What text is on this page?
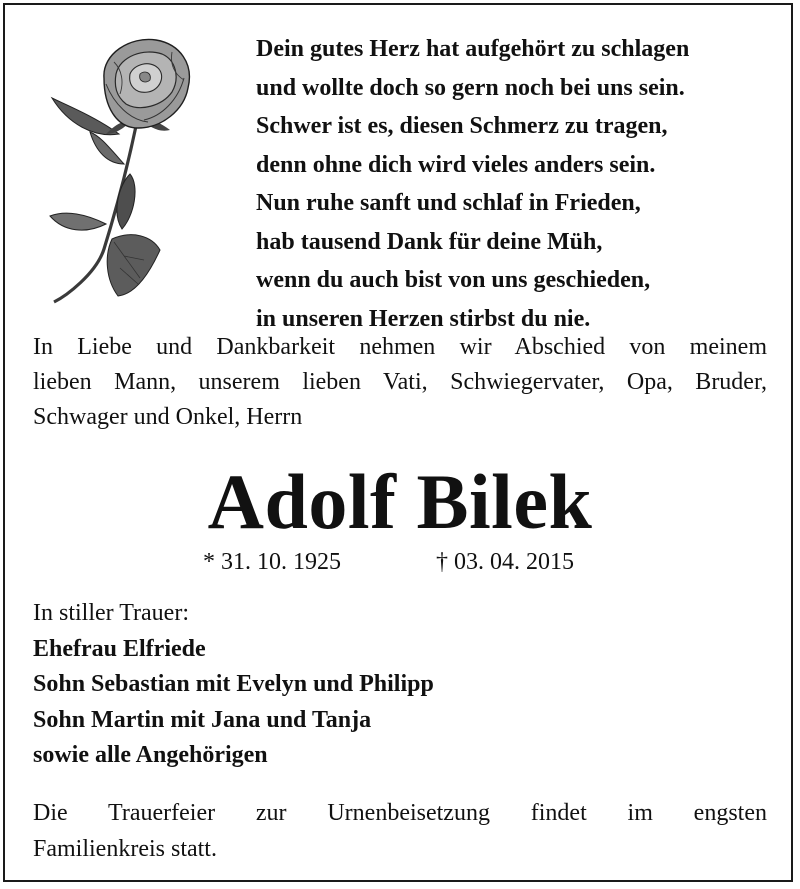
Dein gutes Herz hat aufgehört zu schlagen
und wollte doch so gern noch bei uns sein.
Schwer ist es, diesen Schmerz zu tragen,
denn ohne dich wird vieles anders sein.
Nun ruhe sanft und schlaf in Frieden,
hab tausend Dank für deine Müh,
wenn du auch bist von uns geschieden,
in unseren Herzen stirbst du nie.
In Liebe und Dankbarkeit nehmen wir Abschied von meinem
lieben Mann, unserem lieben Vati, Schwiegervater, Opa, Bruder,
Schwager und Onkel, Herrn
Adolf Bilek
* 31. 10. 1925	† 03. 04. 2015
In stiller Trauer:
Ehefrau Elfriede
Sohn Sebastian mit Evelyn und Philipp
Sohn Martin mit Jana und Tanja
sowie alle Angehörigen
Die Trauerfeier zur Urnenbeisetzung findet im engsten
Familienkreis statt.
